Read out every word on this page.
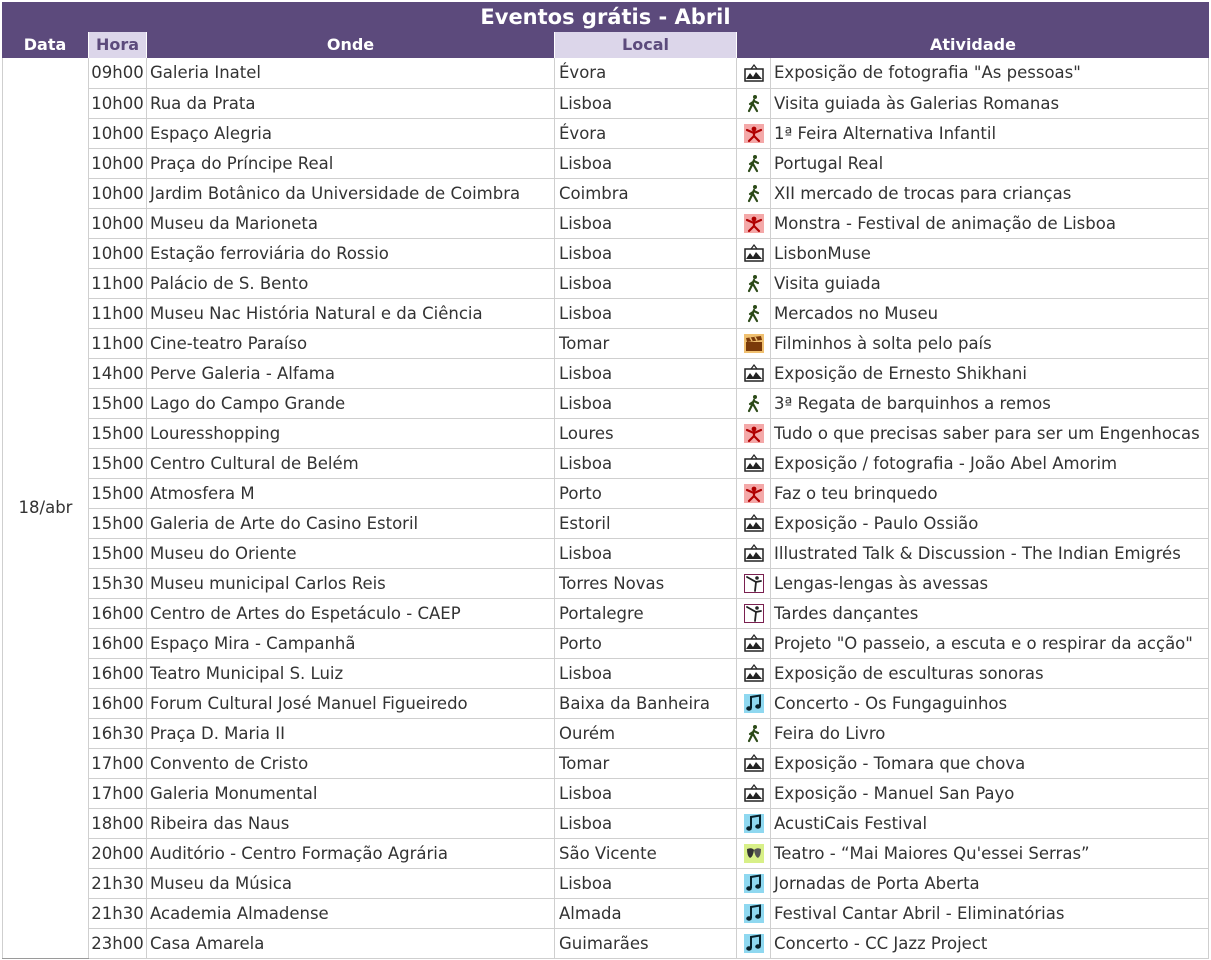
Eventos grátis - Abril
Data	Hora	Onde	Local	Atividade
18/abr	09h00	Galeria Inatel	Évora		Exposição de fotografia "As pessoas"
	10h00	Rua da Prata	Lisboa		Visita guiada às Galerias Romanas
	10h00	Espaço Alegria	Évora		1ª Feira Alternativa Infantil
	10h00	Praça do Príncipe Real	Lisboa		Portugal Real
	10h00	Jardim Botânico da Universidade de Coimbra	Coimbra		XII mercado de trocas para crianças
	10h00	Museu da Marioneta	Lisboa		Monstra - Festival de animação de Lisboa
	10h00	Estação ferroviária do Rossio	Lisboa		LisbonMuse
	11h00	Palácio de S. Bento	Lisboa		Visita guiada
	11h00	Museu Nac História Natural e da Ciência	Lisboa		Mercados no Museu
	11h00	Cine-teatro Paraíso	Tomar		Filminhos à solta pelo país
	14h00	Perve Galeria - Alfama	Lisboa		Exposição de Ernesto Shikhani
	15h00	Lago do Campo Grande	Lisboa		3ª Regata de barquinhos a remos
	15h00	Louresshopping	Loures		Tudo o que precisas saber para ser um Engenhocas
	15h00	Centro Cultural de Belém	Lisboa		Exposição / fotografia - João Abel Amorim
	15h00	Atmosfera M	Porto		Faz o teu brinquedo
	15h00	Galeria de Arte do Casino Estoril	Estoril		Exposição - Paulo Ossião
	15h00	Museu do Oriente	Lisboa		Illustrated Talk & Discussion - The Indian Emigrés
	15h30	Museu municipal Carlos Reis	Torres Novas		Lengas-lengas às avessas
	16h00	Centro de Artes do Espetáculo - CAEP	Portalegre		Tardes dançantes
	16h00	Espaço Mira - Campanhã	Porto		Projeto "O passeio, a escuta e o respirar da acção"
	16h00	Teatro Municipal S. Luiz	Lisboa		Exposição de esculturas sonoras
	16h00	Forum Cultural José Manuel Figueiredo	Baixa da Banheira		Concerto - Os Fungaguinhos
	16h30	Praça D. Maria II	Ourém		Feira do Livro
	17h00	Convento de Cristo	Tomar		Exposição - Tomara que chova
	17h00	Galeria Monumental	Lisboa		Exposição - Manuel San Payo
	18h00	Ribeira das Naus	Lisboa		AcustiCais Festival
	20h00	Auditório - Centro Formação Agrária	São Vicente		Teatro - “Mai Maiores Qu'essei Serras”
	21h30	Museu da Música	Lisboa		Jornadas de Porta Aberta
	21h30	Academia Almadense	Almada		Festival Cantar Abril - Eliminatórias
	23h00	Casa Amarela	Guimarães		Concerto - CC Jazz Project
